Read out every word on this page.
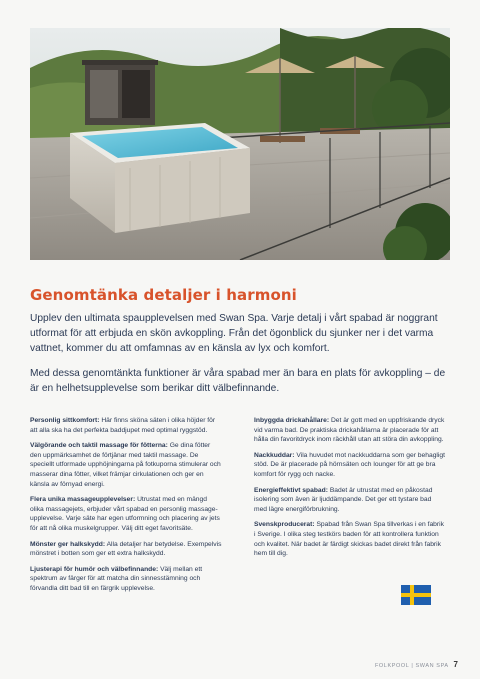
Genomtänka detaljer i harmoni

Upplev den ultimata spaupplevelsen med Swan Spa. Varje detalj i vårt spabad är noggrant utformat för att erbjuda en skön avkoppling. Från det ögonblick du sjunker ner i det varma vattnet, kommer du att omfamnas av en känsla av lyx och komfort.

Med dessa genomtänkta funktioner är våra spabad mer än bara en plats för avkoppling – de är en helhetsupplevelse som berikar ditt välbefinnande.

Personlig sittkomfort: Här finns sköna säten i olika höjder för att alla ska ha det perfekta baddjupet med optimal ryggstöd.

Välgörande och taktil massage för fötterna: Ge dina fötter den uppmärksamhet de förtjänar med taktil massage. De speciellt utformade upphöjningarna på fotkuporna stimulerar och masserar dina fötter, vilket främjar cirkulationen och ger en känsla av förnyad energi.

Flera unika massageupplevelser: Utrustat med en mängd olika massagejets, erbjuder vårt spabad en personlig massage-upplevelse. Varje säte har egen utformning och placering av jets för att nå olika muskelgrupper. Välj ditt eget favoritsäte.

Mönster ger halkskydd: Alla detaljer har betydelse. Exempelvis mönstret i botten som ger ett extra halkskydd.

Ljusterapi för humör och välbefinnande: Välj mellan ett spektrum av färger för att matcha din sinnesstämning och förvandla ditt bad till en färgrik upplevelse.

Inbyggda drickahållare: Det är gott med en uppfriskande dryck vid varma bad. De praktiska drickahållarna är placerade för att hålla din favoritdryck inom räckhåll utan att störa din avkoppling.

Nackkuddar: Vila huvudet mot nackkuddarna som ger behagligt stöd. De är placerade på hörnsäten och lounger för att ge bra komfort för rygg och nacke.

Energieffektivt spabad: Badet är utrustat med en påkostad isolering som även är ljuddämpande. Det ger ett tystare bad med lägre energiförbrukning.

Svenskproducerat: Spabad från Swan Spa tillverkas i en fabrik i Sverige. I olika steg testkörs baden för att kontrollera funktion och kvalitet. När badet är färdigt skickas badet direkt från fabrik hem till dig.

FOLKPOOL | SWAN SPA 7
